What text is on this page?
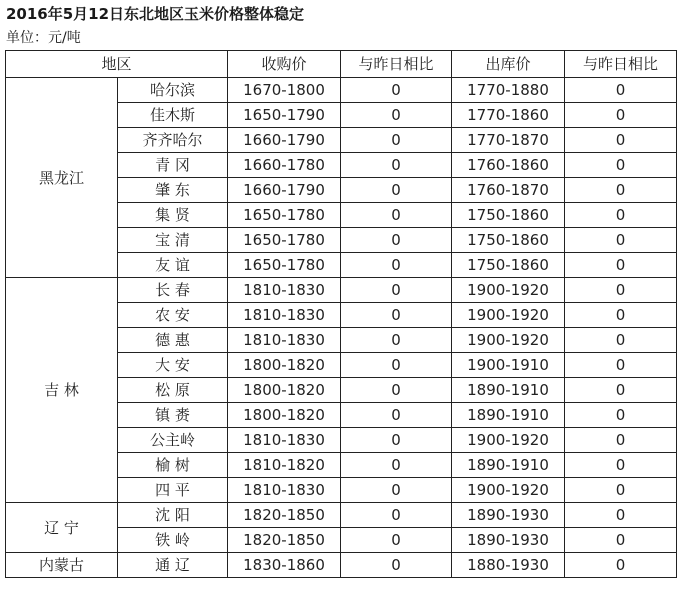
2016年5月12日东北地区玉米价格整体稳定

单位：元/吨

地区		收购价	与昨日相比	出库价	与昨日相比
黑龙江	哈尔滨	1670-1800	0	1770-1880	0
	佳木斯	1650-1790	0	1770-1860	0
	齐齐哈尔	1660-1790	0	1770-1870	0
	青 冈	1660-1780	0	1760-1860	0
	肇 东	1660-1790	0	1760-1870	0
	集 贤	1650-1780	0	1750-1860	0
	宝 清	1650-1780	0	1750-1860	0
	友 谊	1650-1780	0	1750-1860	0
吉 林	长 春	1810-1830	0	1900-1920	0
	农 安	1810-1830	0	1900-1920	0
	德 惠	1810-1830	0	1900-1920	0
	大 安	1800-1820	0	1900-1910	0
	松 原	1800-1820	0	1890-1910	0
	镇 赉	1800-1820	0	1890-1910	0
	公主岭	1810-1830	0	1900-1920	0
	榆 树	1810-1820	0	1890-1910	0
	四 平	1810-1830	0	1900-1920	0
辽 宁	沈 阳	1820-1850	0	1890-1930	0
	铁 岭	1820-1850	0	1890-1930	0
内蒙古	通 辽	1830-1860	0	1880-1930	0
